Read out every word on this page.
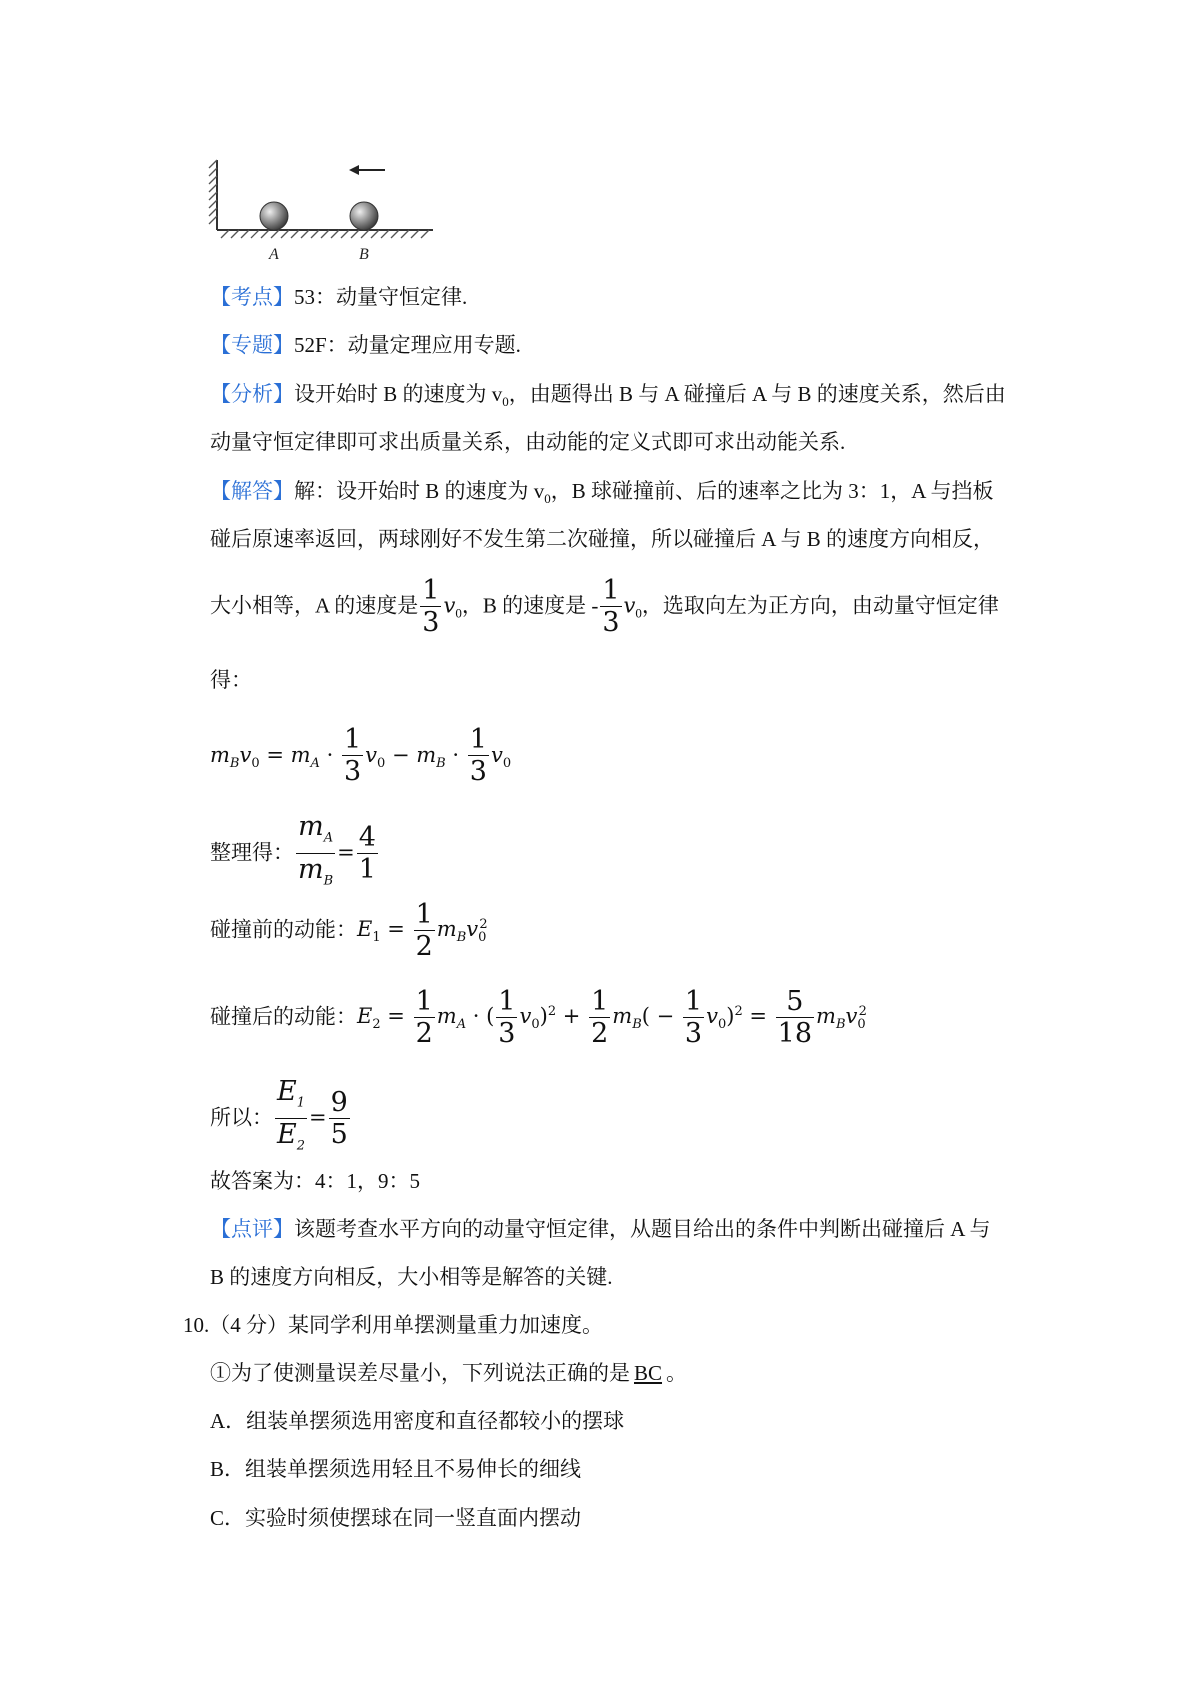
A	B
【考点】53：动量守恒定律.
【专题】52F：动量定理应用专题.
【分析】设开始时 B 的速度为 $v_0$，由题得出 B 与 A 碰撞后 A 与 B 的速度关系，然后由
动量守恒定律即可求出质量关系，由动能的定义式即可求出动能关系.
【解答】解：设开始时 B 的速度为 $v_0$，B 球碰撞前、后的速率之比为 3：1，A 与挡板
碰后原速率返回，两球刚好不发生第二次碰撞，所以碰撞后 A 与 B 的速度方向相反，
大小相等，A 的速度是 $\frac{1}{3} v_0$，B 的速度是 - $\frac{1}{3} v_0$，选取向左为正方向，由动量守恒定律
得：
$m_Bv_0 = m_A \cdot \frac{1}{3} v_0 - m_B \cdot \frac{1}{3} v_0$
整理得： $\frac{m_A}{m_B} = \frac{4}{1}$
碰撞前的动能：$E_1 = \frac{1}{2} m_Bv_0^2$
碰撞后的动能：$E_2 = \frac{1}{2} m_A$ · ( $\frac{1}{3} v_0)^2 + \frac{1}{2} m_B( - \frac{1}{3} v_0)^2 = \frac{5}{18} m_Bv_0^2$
所以： $\frac{E_1}{E_2} = \frac{9}{5}$
故答案为：4：1，9：5
【点评】该题考查水平方向的动量守恒定律，从题目给出的条件中判断出碰撞后 A 与
B 的速度方向相反，大小相等是解答的关键.
10.（4 分）某同学利用单摆测量重力加速度。
①为了使测量误差尽量小，下列说法正确的是 BC 。
A．组装单摆须选用密度和直径都较小的摆球
B．组装单摆须选用轻且不易伸长的细线
C．实验时须使摆球在同一竖直面内摆动
